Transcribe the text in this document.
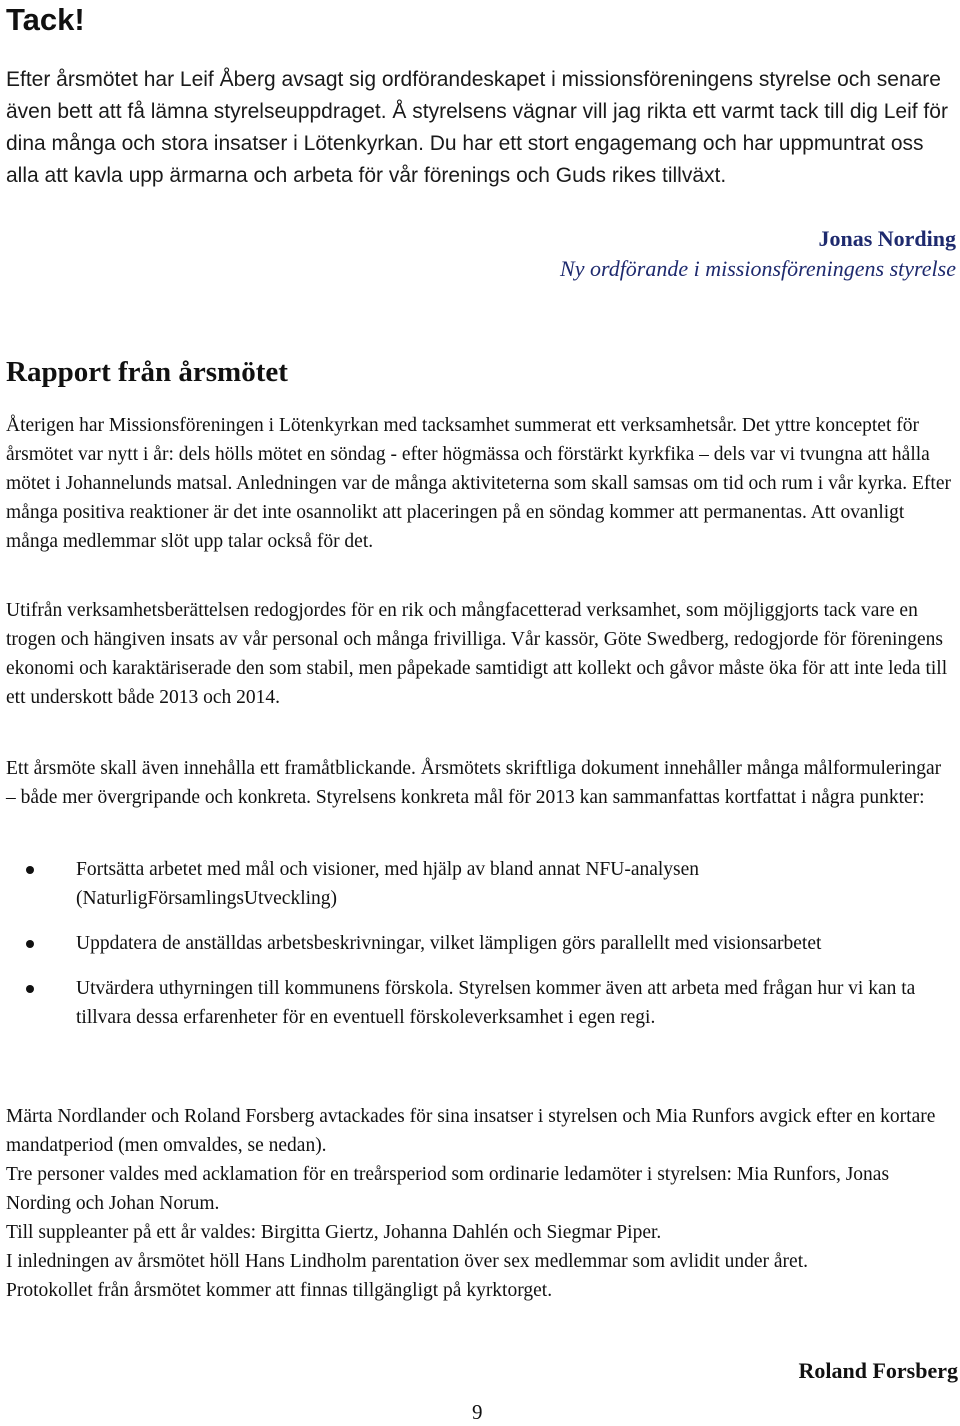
Tack!
Efter årsmötet har Leif Åberg avsagt sig ordförandeskapet i missionsföreningens styrelse och senare även bett att få lämna styrelseuppdraget. Å styrelsens vägnar vill jag rikta ett varmt tack till dig Leif för dina många och stora insatser i Lötenkyrkan. Du har ett stort engagemang och har uppmuntrat oss alla att kavla upp ärmarna och arbeta för vår förenings och Guds rikes tillväxt.
Jonas Nording
Ny ordförande i missionsföreningens styrelse
Rapport från årsmötet
Återigen har Missionsföreningen i Lötenkyrkan med tacksamhet summerat ett verksamhetsår. Det yttre konceptet för årsmötet var nytt i år: dels hölls mötet en söndag - efter högmässa och förstärkt kyrkfika – dels var vi tvungna att hålla mötet i Johannelunds matsal. Anledningen var de många aktiviteterna som skall samsas om tid och rum i vår kyrka. Efter många positiva reaktioner är det inte osannolikt att placeringen på en söndag kommer att permanentas. Att ovanligt många medlemmar slöt upp talar också för det.
Utifrån verksamhetsberättelsen redogjordes för en rik och mångfacetterad verksamhet, som möjliggjorts tack vare en trogen och hängiven insats av vår personal och många frivilliga. Vår kassör, Göte Swedberg, redogjorde för föreningens ekonomi och karaktäriserade den som stabil, men påpekade samtidigt att kollekt och gåvor måste öka för att inte leda till ett underskott både 2013 och 2014.
Ett årsmöte skall även innehålla ett framåtblickande. Årsmötets skriftliga dokument innehåller många målformuleringar – både mer övergripande och konkreta. Styrelsens konkreta mål för 2013 kan sammanfattas kortfattat i några punkter:
Fortsätta arbetet med mål och visioner, med hjälp av bland annat NFU-analysen (NaturligFörsamlingsUtveckling)
Uppdatera de anställdas arbetsbeskrivningar, vilket lämpligen görs parallellt med visionsarbetet
Utvärdera uthyrningen till kommunens förskola. Styrelsen kommer även att arbeta med frågan hur vi kan ta tillvara dessa erfarenheter för en eventuell förskoleverksamhet i egen regi.

Märta Nordlander och Roland Forsberg avtackades för sina insatser i styrelsen och Mia Runfors avgick efter en kortare mandatperiod (men omvaldes, se nedan).

Tre personer valdes med acklamation för en treårsperiod som ordinarie ledamöter i styrelsen: Mia Runfors, Jonas Nording och Johan Norum.

Till suppleanter på ett år valdes: Birgitta Giertz, Johanna Dahlén och Siegmar Piper.

I inledningen av årsmötet höll Hans Lindholm parentation över sex medlemmar som avlidit under året.

Protokollet från årsmötet kommer att finnas tillgängligt på kyrktorget.

Roland Forsberg
9
